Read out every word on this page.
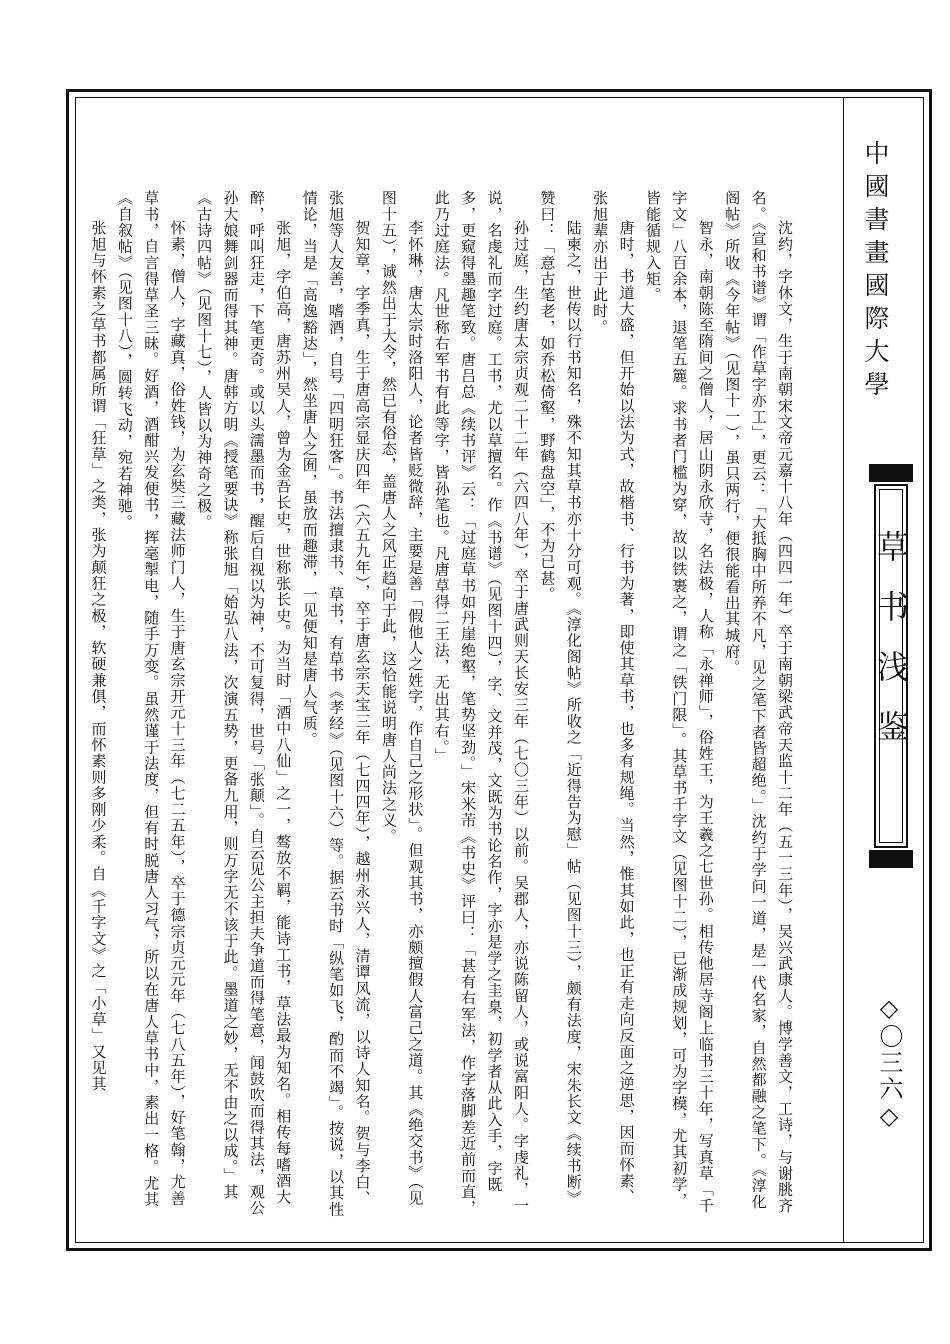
中國書畫國際大學
草书浅鉴
◇〇三六◇

沈约，字休文，生于南朝宋文帝元嘉十八年（四四一年）卒于南朝梁武帝天监十二年（五一三年），吴兴武康人。博学善文，工诗，与谢朓齐名。《宣和书谱》谓「作草字亦工」，更云：「大抵胸中所养不凡，见之笔下者皆超绝。」沈约于学问一道，是一代名家，自然都融之笔下。《淳化阁帖》所收《今年帖》（见图十一），虽只两行，便很能看出其城府。

智永，南朝陈至隋间之僧人，居山阴永欣寺，名法极，人称「永禅师」，俗姓王，为王羲之七世孙。相传他居寺阁上临书三十年，写真草「千字文」八百余本，退笔五簏。求书者门槛为穿，故以铁裹之，谓之「铁门限」。其草书千字文（见图十二），已渐成规划，可为字模，尤其初学，皆能循规入矩。

唐时，书道大盛，但开始以法为式，故楷书、行书为著，即使其草书，也多有规绳。当然，惟其如此，也正有走向反面之逆思，因而怀素、张旭辈亦出于此时。

陆柬之，世传以行书知名，殊不知其草书亦十分可观。《淳化阁帖》所收之「近得告为慰」帖（见图十三），颇有法度，宋朱长文《续书断》赞曰：「意古笔老，如乔松倚壑，野鹤盘空」，不为已甚。

孙过庭，生约唐太宗贞观二十二年（六四八年），卒于唐武则天长安三年（七〇三年）以前。吴郡人，亦说陈留人，或说富阳人。字虔礼，一说，名虔礼而字过庭。工书，尤以草擅名。作《书谱》（见图十四），字、文并茂，文既为书论名作，字亦是学之圭臬，初学者从此入手，字既多，更窥得墨趣笔致。唐吕总《续书评》云：「过庭草书如丹崖绝壑，笔势坚劲。」宋米芾《书史》评曰：「甚有右军法，作字落脚差近前而直，此乃过庭法。凡世称右军书有此等字，皆孙笔也。凡唐草得二王法，无出其右。」

李怀琳，唐太宗时洛阳人，论者皆贬微辞，主要是善「假他人之姓字，作自己之形状」。但观其书，亦颇擅假人富己之道。其《绝交书》（见图十五），诚然出于大令，然已有俗态，盖唐人之风正趋向于此，这恰能说明唐人尚法之义。

贺知章，字季真，生于唐高宗显庆四年（六五九年），卒于唐玄宗天宝三年（七四四年），越州永兴人，清谭风流，以诗人知名。贺与李白、张旭等人友善，嗜酒，自号「四明狂客」。书法擅隶书、草书，有草书《孝经》（见图十六）等。据云书时「纵笔如飞，酌而不竭」。按说，以其性情论，当是「高逸豁达」，然坐唐人之囿，虽放而趣滞，一见便知是唐人气质。

张旭，字伯高，唐苏州吴人，曾为金吾长史，世称张长史。为当时「酒中八仙」之一，骜放不羁，能诗工书，草法最为知名。相传每嗜酒大醉，呼叫狂走，下笔更奇。或以头濡墨而书，醒后自视以为神，不可复得，世号「张颠」。自云见公主担夫争道而得笔意，闻鼓吹而得其法，观公孙大娘舞剑器而得其神。唐韩方明《授笔要诀》称张旭「始弘八法，次演五势，更备九用，则万字无不该于此。墨道之妙，无不由之以成。」其《古诗四帖》（见图十七），人皆以为神奇之极。

怀素，僧人，字藏真，俗姓钱，为玄奘三藏法师门人，生于唐玄宗开元十三年（七二五年），卒于德宗贞元元年（七八五年），好笔翰，尤善草书，自言得草圣三昧。好酒，酒酣兴发便书，挥毫掣电，随手万变。虽然谨于法度，但有时脱唐人习气，所以在唐人草书中，素出一格。尤其《自叙帖》（见图十八），圆转飞动，宛若神驰。

张旭与怀素之草书都属所谓「狂草」之类，张为颠狂之极，软硬兼俱，而怀素则多刚少柔。自《千字文》之「小草」又见其
